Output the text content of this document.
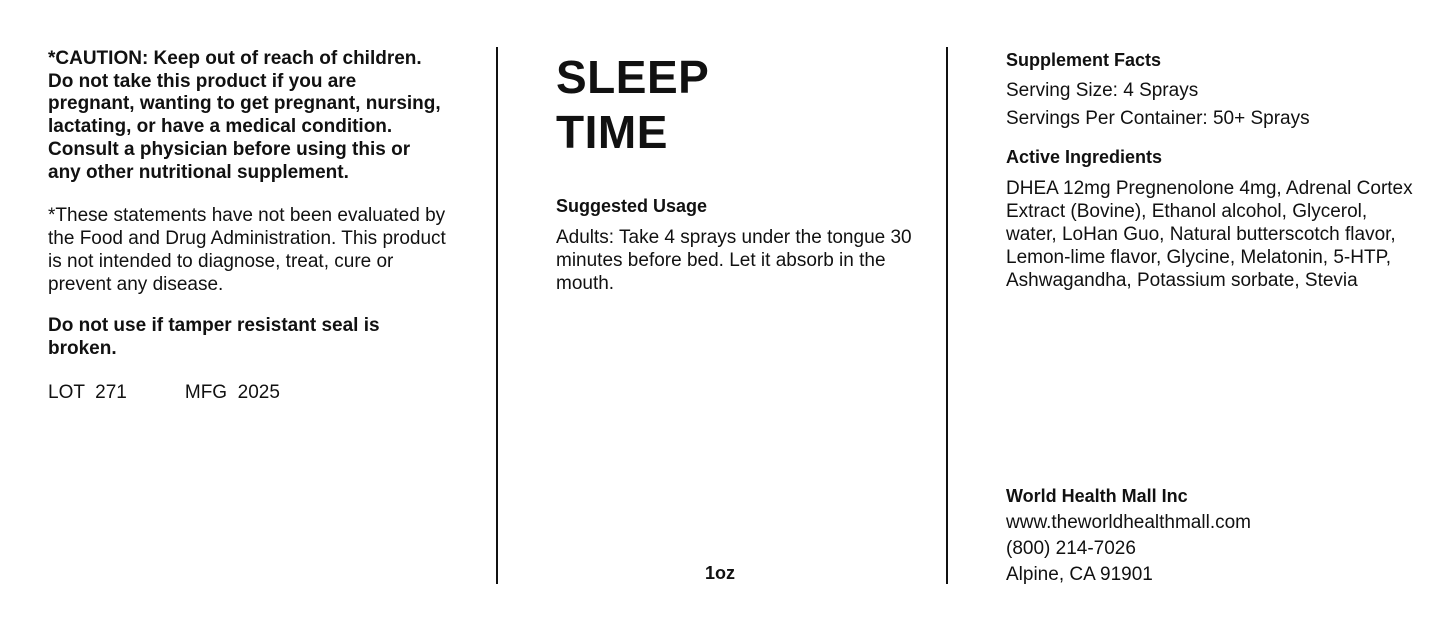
*CAUTION: Keep out of reach of children. Do not take this product if you are pregnant, wanting to get pregnant, nursing, lactating, or have a medical condition. Consult a physician before using this or any other nutritional supplement.

*These statements have not been evaluated by the Food and Drug Administration. This product is not intended to diagnose, treat, cure or prevent any disease.

Do not use if tamper resistant seal is broken.

LOT  271	MFG  2025

SLEEP

TIME

Suggested Usage

Adults: Take 4 sprays under the tongue 30 minutes before bed. Let it absorb in the mouth.

1oz

Supplement Facts

Serving Size: 4 Sprays

Servings Per Container: 50+ Sprays

Active Ingredients

DHEA 12mg Pregnenolone 4mg, Adrenal Cortex Extract (Bovine), Ethanol alcohol, Glycerol, water, LoHan Guo, Natural butterscotch flavor, Lemon-lime flavor, Glycine, Melatonin, 5-HTP, Ashwagandha, Potassium sorbate, Stevia

World Health Mall Inc

www.theworldhealthmall.com

(800) 214-7026

Alpine, CA 91901
